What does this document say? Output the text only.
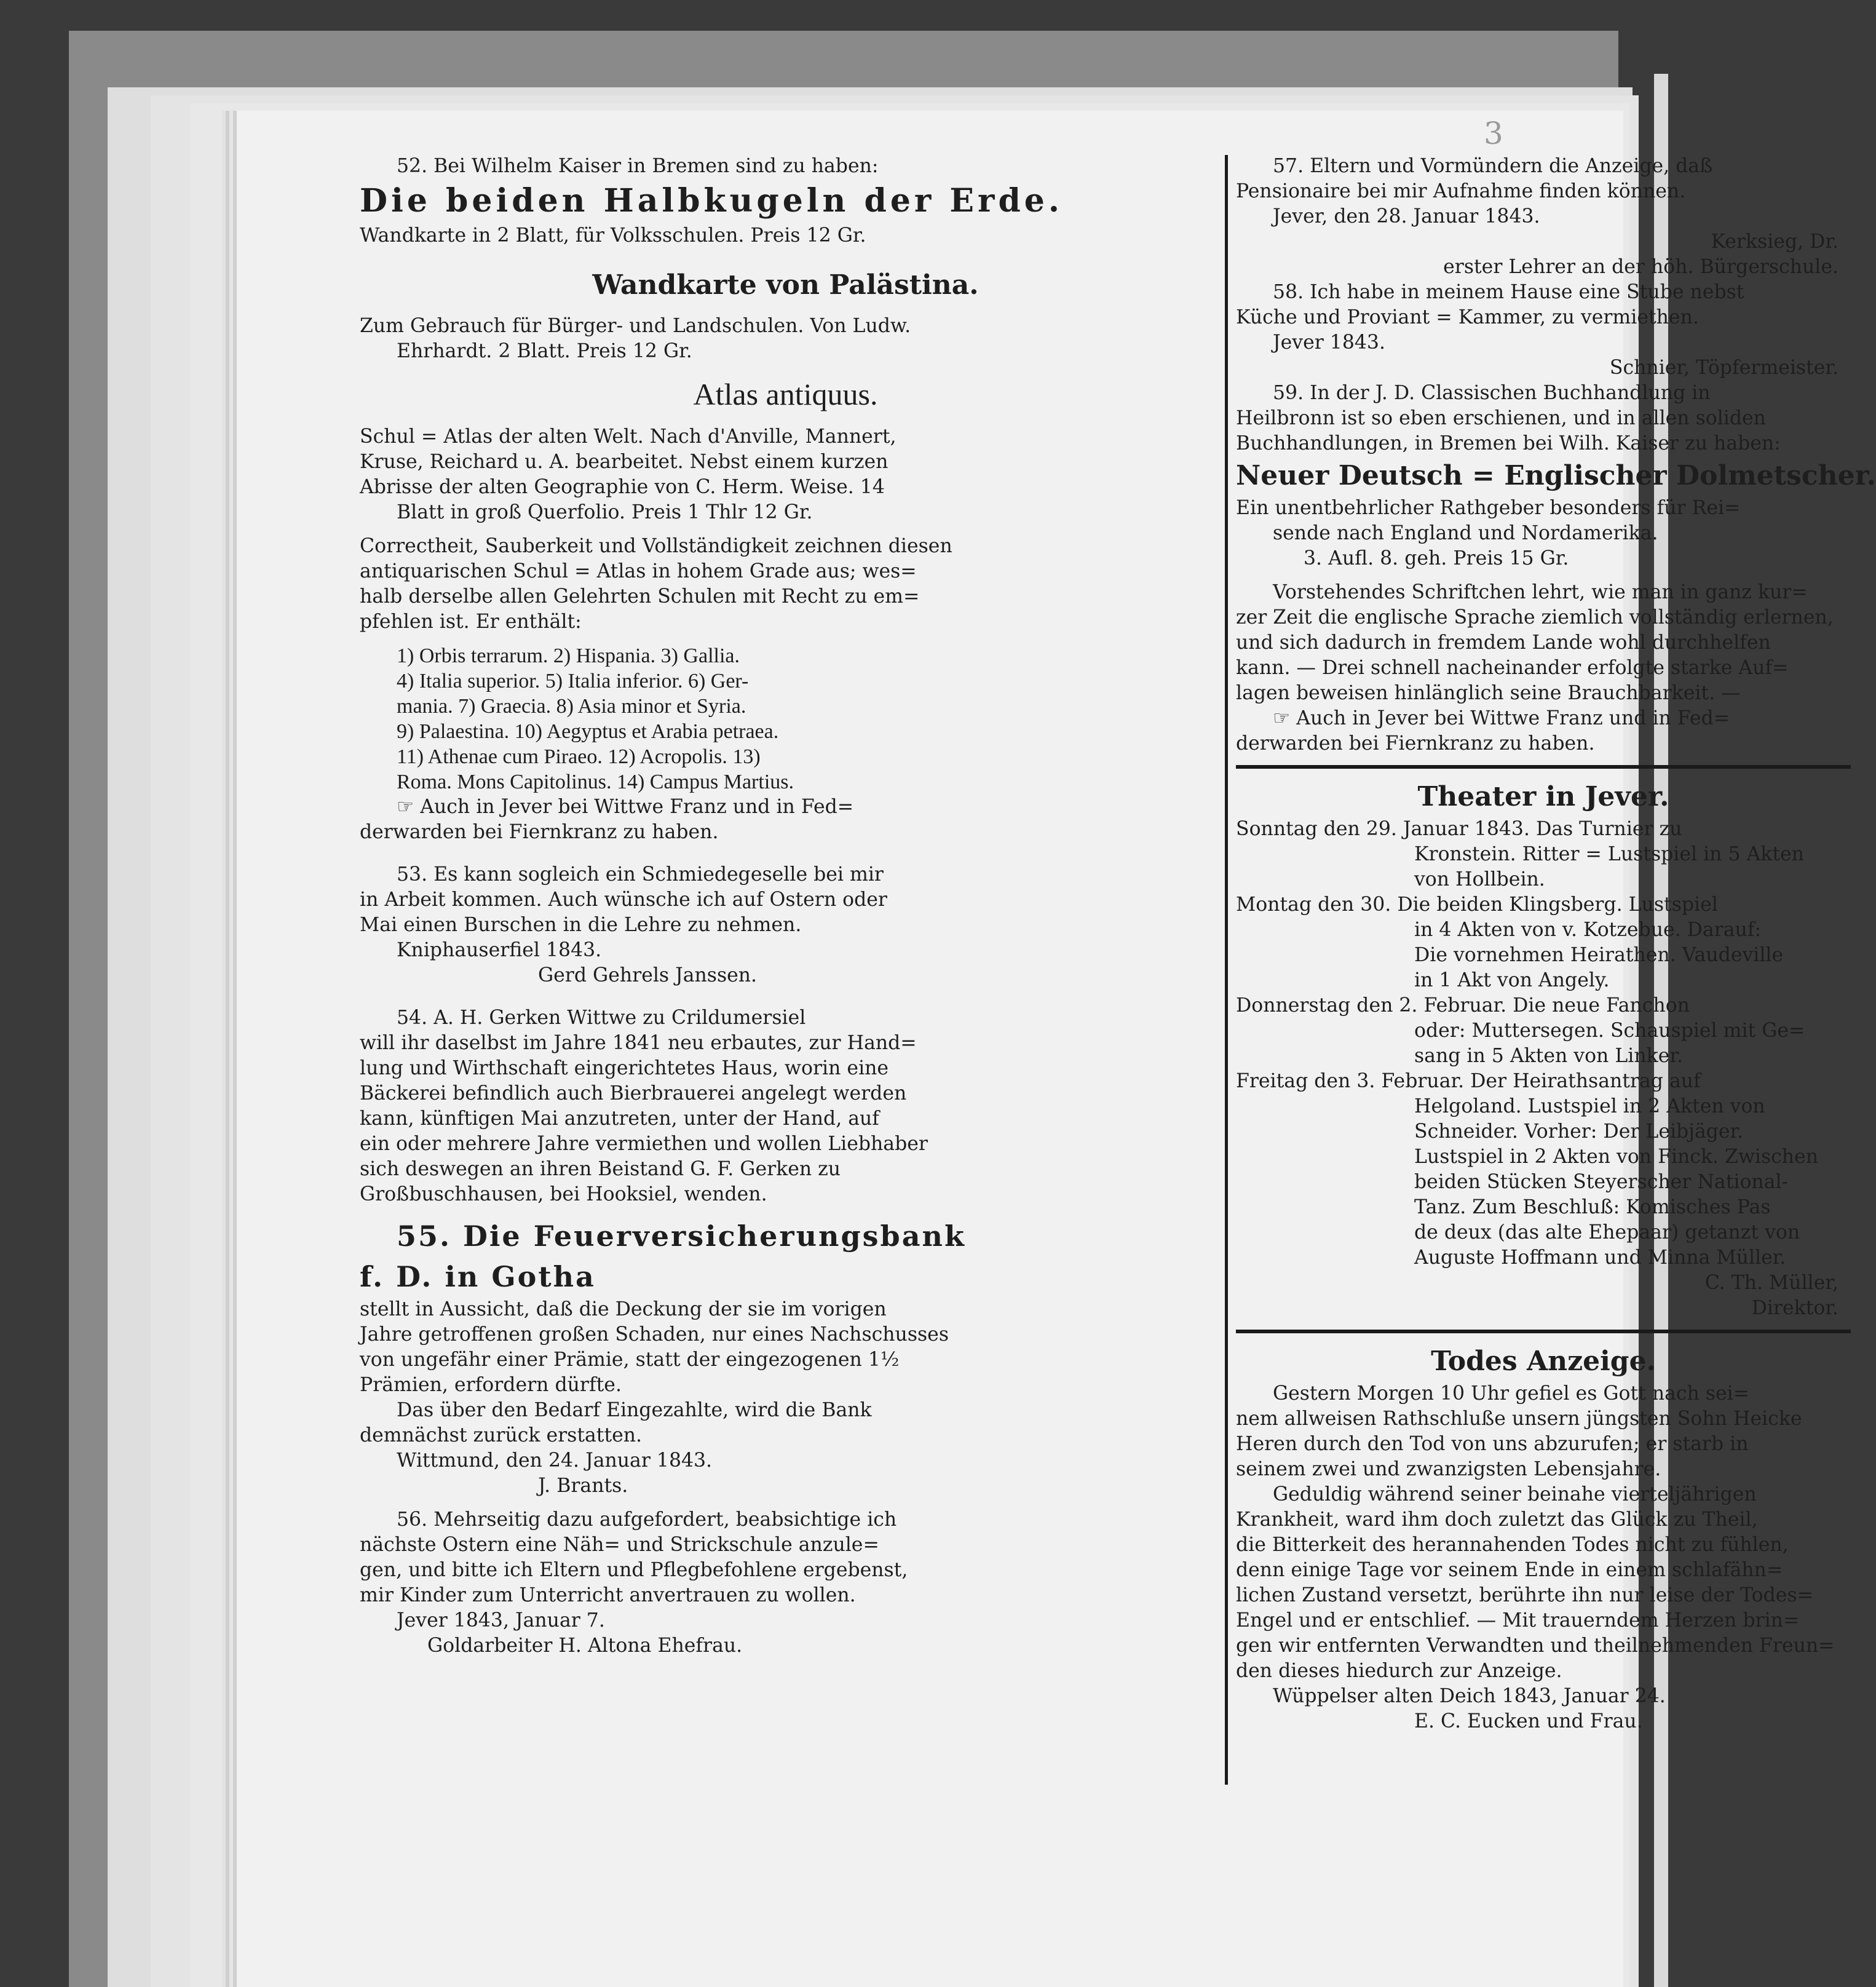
3
52. Bei Wilhelm Kaiser in Bremen sind zu haben:
Die beiden Halbkugeln der Erde.
Wandkarte in 2 Blatt, für Volksschulen. Preis 12 Gr.
Wandkarte von Palästina.
Zum Gebrauch für Bürger- und Landschulen. Von Ludw.
Ehrhardt. 2 Blatt. Preis 12 Gr.
Atlas antiquus.
Schul = Atlas der alten Welt. Nach d'Anville, Mannert,
Kruse, Reichard u. A. bearbeitet. Nebst einem kurzen
Abrisse der alten Geographie von C. Herm. Weise. 14
Blatt in groß Querfolio. Preis 1 Thlr 12 Gr.
Correctheit, Sauberkeit und Vollständigkeit zeichnen diesen
antiquarischen Schul = Atlas in hohem Grade aus; wes=
halb derselbe allen Gelehrten Schulen mit Recht zu em=
pfehlen ist. Er enthält:
1) Orbis terrarum. 2) Hispania. 3) Gallia.
4) Italia superior. 5) Italia inferior. 6) Ger-
mania. 7) Graecia. 8) Asia minor et Syria.
9) Palaestina. 10) Aegyptus et Arabia petraea.
11) Athenae cum Piraeo. 12) Acropolis. 13)
Roma. Mons Capitolinus. 14) Campus Martius.
☞ Auch in Jever bei Wittwe Franz und in Fed=
derwarden bei Fiernkranz zu haben.
53. Es kann sogleich ein Schmiedegeselle bei mir
in Arbeit kommen. Auch wünsche ich auf Ostern oder
Mai einen Burschen in die Lehre zu nehmen.
Kniphauserfiel 1843.
Gerd Gehrels Janssen.
54. A. H. Gerken Wittwe zu Crildumersiel
will ihr daselbst im Jahre 1841 neu erbautes, zur Hand=
lung und Wirthschaft eingerichtetes Haus, worin eine
Bäckerei befindlich auch Bierbrauerei angelegt werden
kann, künftigen Mai anzutreten, unter der Hand, auf
ein oder mehrere Jahre vermiethen und wollen Liebhaber
sich deswegen an ihren Beistand G. F. Gerken zu
Großbuschhausen, bei Hooksiel, wenden.
55. Die Feuerversicherungsbank
f. D. in Gotha
stellt in Aussicht, daß die Deckung der sie im vorigen
Jahre getroffenen großen Schaden, nur eines Nachschusses
von ungefähr einer Prämie, statt der eingezogenen 1½
Prämien, erfordern dürfte.
Das über den Bedarf Eingezahlte, wird die Bank
demnächst zurück erstatten.
Wittmund, den 24. Januar 1843.
J. Brants.
56. Mehrseitig dazu aufgefordert, beabsichtige ich
nächste Ostern eine Näh= und Strickschule anzule=
gen, und bitte ich Eltern und Pflegbefohlene ergebenst,
mir Kinder zum Unterricht anvertrauen zu wollen.
Jever 1843, Januar 7.
Goldarbeiter H. Altona Ehefrau.
57. Eltern und Vormündern die Anzeige, daß
Pensionaire bei mir Aufnahme finden können.
Jever, den 28. Januar 1843.
Kerksieg, Dr.
erster Lehrer an der höh. Bürgerschule.
58. Ich habe in meinem Hause eine Stube nebst
Küche und Proviant = Kammer, zu vermiethen.
Jever 1843.
Schnier, Töpfermeister.
59. In der J. D. Classischen Buchhandlung in
Heilbronn ist so eben erschienen, und in allen soliden
Buchhandlungen, in Bremen bei Wilh. Kaiser zu haben:
Neuer Deutsch = Englischer Dolmetscher.
Ein unentbehrlicher Rathgeber besonders für Rei=
sende nach England und Nordamerika.
3. Aufl. 8. geh. Preis 15 Gr.
Vorstehendes Schriftchen lehrt, wie man in ganz kur=
zer Zeit die englische Sprache ziemlich vollständig erlernen,
und sich dadurch in fremdem Lande wohl durchhelfen
kann. — Drei schnell nacheinander erfolgte starke Auf=
lagen beweisen hinlänglich seine Brauchbarkeit. —
☞ Auch in Jever bei Wittwe Franz und in Fed=
derwarden bei Fiernkranz zu haben.
Theater in Jever.
Sonntag den 29. Januar 1843. Das Turnier zu
Kronstein. Ritter = Lustspiel in 5 Akten
von Hollbein.
Montag den 30. Die beiden Klingsberg. Lustspiel
in 4 Akten von v. Kotzebue. Darauf:
Die vornehmen Heirathen. Vaudeville
in 1 Akt von Angely.
Donnerstag den 2. Februar. Die neue Fanchon
oder: Muttersegen. Schauspiel mit Ge=
sang in 5 Akten von Linker.
Freitag den 3. Februar. Der Heirathsantrag auf
Helgoland. Lustspiel in 2 Akten von
Schneider. Vorher: Der Leibjäger.
Lustspiel in 2 Akten von Finck. Zwischen
beiden Stücken Steyerscher National-
Tanz. Zum Beschluß: Komisches Pas
de deux (das alte Ehepaar) getanzt von
Auguste Hoffmann und Minna Müller.
C. Th. Müller,
Direktor.
Todes Anzeige.
Gestern Morgen 10 Uhr gefiel es Gott nach sei=
nem allweisen Rathschluße unsern jüngsten Sohn Heicke
Heren durch den Tod von uns abzurufen; er starb in
seinem zwei und zwanzigsten Lebensjahre.
Geduldig während seiner beinahe vierteljährigen
Krankheit, ward ihm doch zuletzt das Glück zu Theil,
die Bitterkeit des herannahenden Todes nicht zu fühlen,
denn einige Tage vor seinem Ende in einem schlafähn=
lichen Zustand versetzt, berührte ihn nur leise der Todes=
Engel und er entschlief. — Mit trauerndem Herzen brin=
gen wir entfernten Verwandten und theilnehmenden Freun=
den dieses hiedurch zur Anzeige.
Wüppelser alten Deich 1843, Januar 24.
E. C. Eucken und Frau.
